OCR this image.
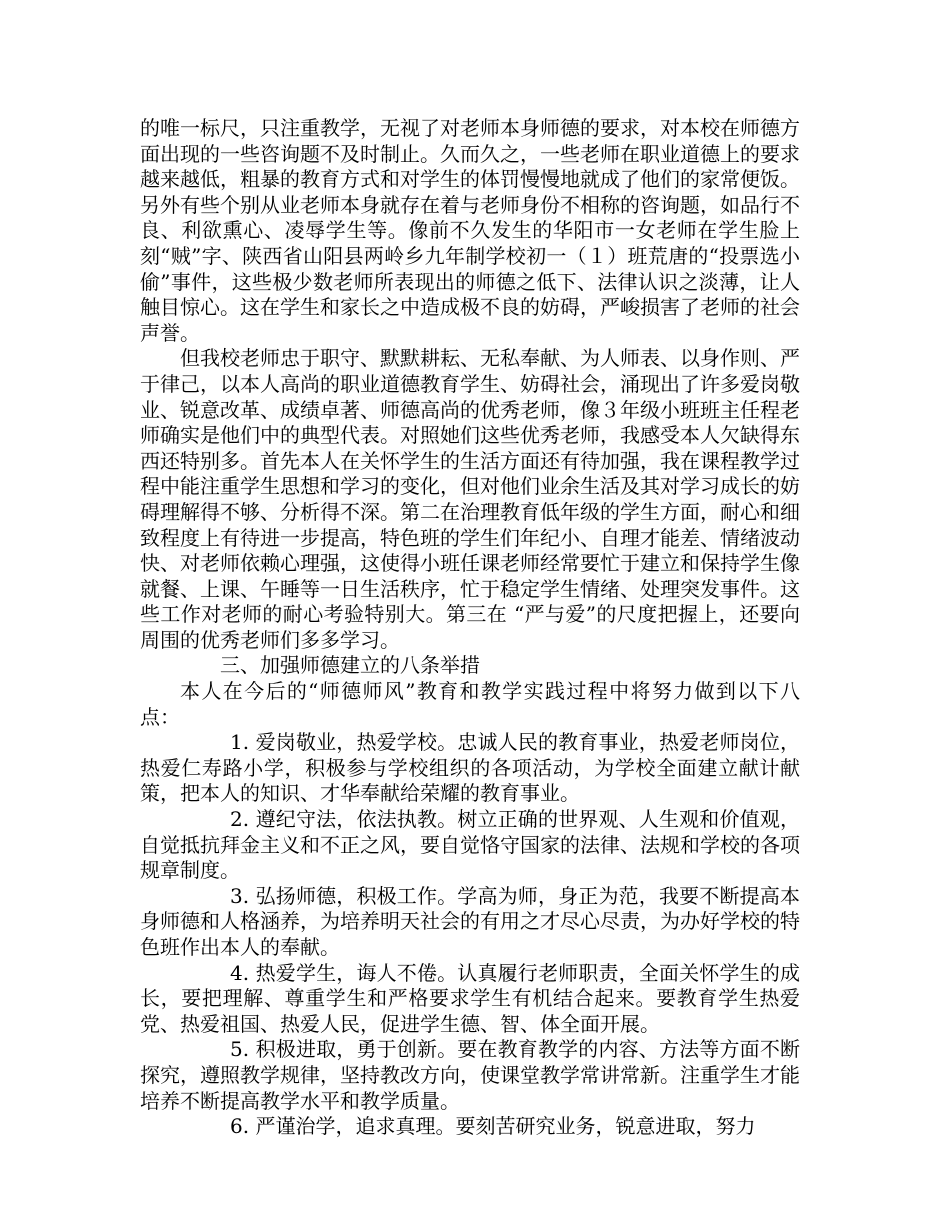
的唯一标尺，只注重教学，无视了对老师本身师德的要求，对本校在师德方面出现的一些咨询题不及时制止。久而久之，一些老师在职业道德上的要求越来越低，粗暴的教育方式和对学生的体罚慢慢地就成了他们的家常便饭。另外有些个别从业老师本身就存在着与老师身份不相称的咨询题，如品行不良、利欲熏心、凌辱学生等。像前不久发生的华阳市一女老师在学生脸上刻“贼”字、陕西省山阳县两岭乡九年制学校初一（１）班荒唐的“投票选小偷”事件，这些极少数老师所表现出的师德之低下、法律认识之淡薄，让人触目惊心。这在学生和家长之中造成极不良的妨碍，严峻损害了老师的社会声誉。

但我校老师忠于职守、默默耕耘、无私奉献、为人师表、以身作则、严于律己，以本人高尚的职业道德教育学生、妨碍社会，涌现出了许多爱岗敬业、锐意改革、成绩卓著、师德高尚的优秀老师，像３年级小班班主任程老师确实是他们中的典型代表。对照她们这些优秀老师，我感受本人欠缺得东西还特别多。首先本人在关怀学生的生活方面还有待加强，我在课程教学过程中能注重学生思想和学习的变化，但对他们业余生活及其对学习成长的妨碍理解得不够、分析得不深。第二在治理教育低年级的学生方面，耐心和细致程度上有待进一步提高，特色班的学生们年纪小、自理才能差、情绪波动快、对老师依赖心理强，这使得小班任课老师经常要忙于建立和保持学生像就餐、上课、午睡等一日生活秩序，忙于稳定学生情绪、处理突发事件。这些工作对老师的耐心考验特别大。第三在 “严与爱”的尺度把握上，还要向周围的优秀老师们多多学习。

三、加强师德建立的八条举措

本人在今后的“师德师风”教育和教学实践过程中将努力做到以下八点：

1. 爱岗敬业，热爱学校。忠诚人民的教育事业，热爱老师岗位，热爱仁寿路小学，积极参与学校组织的各项活动，为学校全面建立献计献策，把本人的知识、才华奉献给荣耀的教育事业。

2. 遵纪守法，依法执教。树立正确的世界观、人生观和价值观，自觉抵抗拜金主义和不正之风，要自觉恪守国家的法律、法规和学校的各项规章制度。

3. 弘扬师德，积极工作。学高为师，身正为范，我要不断提高本身师德和人格涵养，为培养明天社会的有用之才尽心尽责，为办好学校的特色班作出本人的奉献。

4. 热爱学生，诲人不倦。认真履行老师职责，全面关怀学生的成长，要把理解、尊重学生和严格要求学生有机结合起来。要教育学生热爱党、热爱祖国、热爱人民，促进学生德、智、体全面开展。

5. 积极进取，勇于创新。要在教育教学的内容、方法等方面不断探究，遵照教学规律，坚持教改方向，使课堂教学常讲常新。注重学生才能培养不断提高教学水平和教学质量。

6. 严谨治学，追求真理。要刻苦研究业务，锐意进取，努力
